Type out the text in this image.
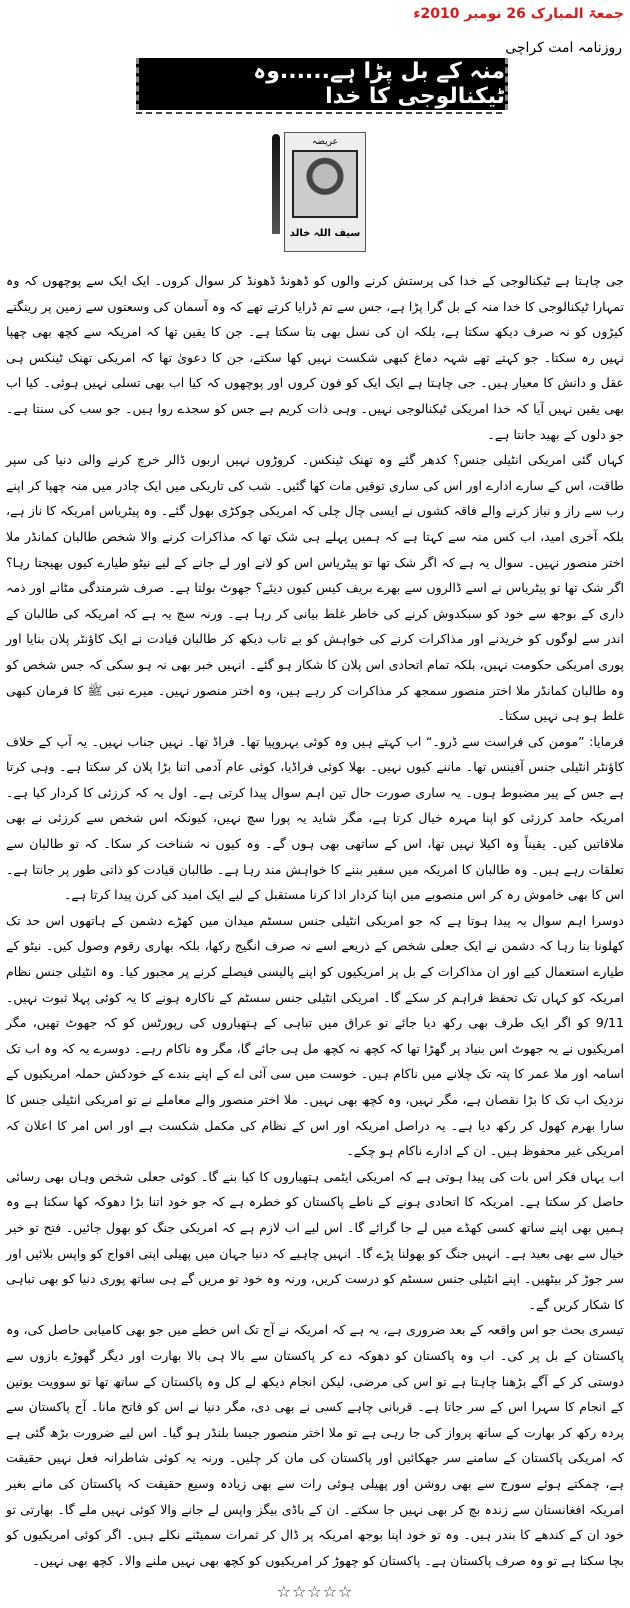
جمعۃ المبارک 26 نومبر 2010ء
روزنامہ امت کراچی
منہ کے بل پڑا ہے......وہ ٹیکنالوجی کا خدا
عریضہ
سیف اللہ خالد

جی چاہتا ہے ٹیکنالوجی کے خدا کی پرستش کرنے والوں کو ڈھونڈ ڈھونڈ کر سوال کروں۔ ایک ایک سے پوچھوں کہ وہ تمہارا ٹیکنالوجی کا خدا منہ کے بل گرا پڑا ہے، جس سے تم ڈرایا کرتے تھے کہ وہ آسمان کی وسعتوں سے زمین پر رینگتے کیڑوں کو نہ صرف دیکھ سکتا ہے، بلکہ ان کی نسل بھی بتا سکتا ہے۔ جن کا یقین تھا کہ امریکہ سے کچھ بھی چھپا نہیں رہ سکتا۔ جو کہتے تھے شہہ دماغ کبھی شکست نہیں کھا سکتے، جن کا دعویٰ تھا کہ امریکی تھنک ٹینکس ہی عقل و دانش کا معیار ہیں۔ جی چاہتا ہے ایک ایک کو فون کروں اور پوچھوں کہ کیا اب بھی تسلی نہیں ہوئی۔ کیا اب بھی یقین نہیں آیا کہ خدا امریکی ٹیکنالوجی نہیں۔ وہی ذات کریم ہے جس کو سجدے روا ہیں۔ جو سب کی سنتا ہے۔ جو دلوں کے بھید جانتا ہے۔

کہاں گئی امریکی انٹیلی جنس؟ کدھر گئے وہ تھنک ٹینکس۔ کروڑوں نہیں اربوں ڈالر خرچ کرنے والی دنیا کی سپر طاقت، اس کے سارے ادارے اور اس کی ساری توقیں مات کھا گئیں۔ شب کی تاریکی میں ایک چادر میں منہ چھپا کر اپنے رب سے راز و نیاز کرنے والے فاقہ کشوں نے ایسی چال چلی کہ امریکی چوکڑی بھول گئے۔ وہ پیٹریاس امریکہ کا ناز ہے، بلکہ آخری امید، اب کس منہ سے کہتا ہے کہ ہمیں پہلے ہی شک تھا کہ مذاکرات کرنے والا شخص طالبان کمانڈر ملا اختر منصور نہیں۔ سوال یہ ہے کہ اگر شک تھا تو پیٹریاس اس کو لانے اور لے جانے کے لیے نیٹو طیارے کیوں بھیجتا رہا؟ اگر شک تھا تو پیٹریاس نے اسے ڈالروں سے بھرے بریف کیس کیوں دیئے؟ جھوٹ بولتا ہے۔ صرف شرمندگی مٹانے اور ذمہ داری کے بوجھ سے خود کو سبکدوش کرنے کی خاطر غلط بیانی کر رہا ہے۔ ورنہ سچ یہ ہے کہ امریکہ کی طالبان کے اندر سے لوگوں کو خریدنے اور مذاکرات کرنے کی خواہش کو بے تاب دیکھ کر طالبان قیادت نے ایک کاؤنٹر پلان بنایا اور پوری امریکی حکومت نہیں، بلکہ تمام اتحادی اس پلان کا شکار ہو گئے۔ انہیں خبر بھی نہ ہو سکی کہ جس شخص کو وہ طالبان کمانڈر ملا اختر منصور سمجھ کر مذاکرات کر رہے ہیں، وہ اختر منصور نہیں۔ میرے نبی ﷺ کا فرمان کبھی غلط ہو ہی نہیں سکتا۔

فرمایا: ”مومن کی فراست سے ڈرو۔“ اب کہتے ہیں وہ کوئی بہروپیا تھا۔ فراڈ تھا۔ نہیں جناب نہیں۔ یہ آپ کے خلاف کاؤنٹر انٹیلی جنس آفینس تھا۔ ماننے کیوں نہیں۔ بھلا کوئی فراڈیا، کوئی عام آدمی اتنا بڑا پلان کر سکتا ہے۔ وہی کرتا ہے جس کے پیر مضبوط ہوں۔ یہ ساری صورت حال تین اہم سوال پیدا کرتی ہے۔ اول یہ کہ کرزئی کا کردار کیا ہے۔ امریکہ حامد کرزئی کو اپنا مہرہ خیال کرتا ہے، مگر شاید یہ پورا سچ نہیں، کیونکہ اس شخص سے کرزئی نے بھی ملاقاتیں کیں۔ یقیناً وہ اکیلا نہیں تھا، اس کے ساتھی بھی ہوں گے۔ وہ کیوں نہ شناخت کر سکا۔ کہ تو طالبان سے تعلقات رہے ہیں۔ وہ طالبان کا امریکہ میں سفیر بننے کا خواہش مند رہا ہے۔ طالبان قیادت کو ذاتی طور پر جانتا ہے۔ اس کا بھی خاموش رہ کر اس منصوبے میں اپنا کردار ادا کرنا مستقبل کے لیے ایک امید کی کرن پیدا کرتا ہے۔

دوسرا اہم سوال یہ پیدا ہوتا ہے کہ جو امریکی انٹیلی جنس سسٹم میدان میں کھڑے دشمن کے ہاتھوں اس حد تک کھلونا بنا رہا کہ دشمن نے ایک جعلی شخص کے ذریعے اسے نہ صرف انگیج رکھا، بلکہ بھاری رقوم وصول کیں۔ نیٹو کے طیارے استعمال کیے اور ان مذاکرات کے بل پر امریکیوں کو اپنے پالیسی فیصلے کرنے پر مجبور کیا۔ وہ انٹیلی جنس نظام امریکہ کو کہاں تک تحفظ فراہم کر سکے گا۔ امریکی انٹیلی جنس سسٹم کے ناکارہ ہونے کا یہ کوئی پہلا ثبوت نہیں۔ 9/11 کو اگر ایک طرف بھی رکھ دیا جائے تو عراق میں تباہی کے ہتھیاروں کی رپورٹس کو کہ جھوٹ تھیں، مگر امریکیوں نے یہ جھوٹ اس بنیاد پر گھڑا تھا کہ کچھ نہ کچھ مل ہی جائے گا، مگر وہ ناکام رہے۔ دوسرے یہ کہ وہ اب تک اسامہ اور ملا عمر کا پتہ تک چلانے میں ناکام ہیں۔ خوست میں سی آئی اے کے اپنے بندے کے خودکش حملہ امریکیوں کے نزدیک اب تک کا بڑا نقصان ہے، مگر نہیں، وہ کچھ بھی نہیں۔ ملا اختر منصور والے معاملے نے تو امریکی انٹیلی جنس کا سارا بھرم کھول کر رکھ دیا ہے۔ یہ دراصل امریکہ اور اس کے نظام کی مکمل شکست ہے اور اس امر کا اعلان کہ امریکی غیر محفوظ ہیں۔ ان کے ادارے ناکام ہو چکے۔

اب یہاں فکر اس بات کی پیدا ہوتی ہے کہ امریکی ایٹمی ہتھیاروں کا کیا بنے گا۔ کوئی جعلی شخص وہاں بھی رسائی حاصل کر سکتا ہے۔ امریکہ کا اتحادی ہونے کے ناطے پاکستان کو خطرہ ہے کہ جو خود اتنا بڑا دھوکہ کھا سکتا ہے وہ ہمیں بھی اپنے ساتھ کسی کھڈے میں لے جا گرائے گا۔ اس لیے اب لازم ہے کہ امریکی جنگ کو بھول جائیں۔ فتح تو خیر خیال سے بھی بعید ہے۔ انہیں جنگ کو بھولنا پڑے گا۔ انہیں چاہیے کہ دنیا جہان میں پھیلی اپنی افواج کو واپس بلائیں اور سر جوڑ کر بیٹھیں۔ اپنے انٹیلی جنس سسٹم کو درست کریں، ورنہ وہ خود تو مریں گے ہی ساتھ پوری دنیا کو بھی تباہی کا شکار کریں گے۔

تیسری بحث جو اس واقعہ کے بعد ضروری ہے، یہ ہے کہ امریکہ نے آج تک اس خطے میں جو بھی کامیابی حاصل کی، وہ پاکستان کے بل پر کی۔ اب وہ پاکستان کو دھوکہ دے کر پاکستان سے بالا ہی بالا بھارت اور دیگر گھوڑے بازوں سے دوستی کر کے آگے بڑھنا چاہتا ہے تو اس کی مرضی، لیکن انجام دیکھ لے کل وہ پاکستان کے ساتھ تھا تو سوویت یونین کے انجام کا سہرا اس کے سر جاتا ہے۔ قربانی چاہے کسی نے بھی دی، مگر دنیا نے اس کو فاتح مانا۔ آج پاکستان سے پردہ رکھ کر بھارت کے ساتھ پرواز کی جا رہی ہے تو ملا اختر منصور جیسا بلنڈر ہو گیا۔ اس لیے ضرورت بڑھ گئی ہے کہ امریکی پاکستان کے سامنے سر جھکائیں اور پاکستان کی مان کر چلیں۔ ورنہ یہ کوئی شاطرانہ فعل نہیں حقیقت ہے، چمکتے ہوئے سورج سے بھی روشن اور پھیلی ہوئی رات سے بھی زیادہ وسیع حقیقت کہ پاکستان کی مانے بغیر امریکہ افغانستان سے زندہ بچ کر بھی نہیں جا سکتے۔ ان کے باڈی بیگز واپس لے جانے والا کوئی نہیں ملے گا۔ بھارتی تو خود ان کے کندھے کا بندر ہیں۔ وہ تو خود اپنا بوجھ امریکہ پر ڈال کر ثمرات سمیٹنے نکلے ہیں۔ اگر کوئی امریکیوں کو بچا سکتا ہے تو وہ صرف پاکستان ہے۔ پاکستان کو چھوڑ کر امریکیوں کو کچھ بھی نہیں ملنے والا۔ کچھ بھی نہیں۔

☆☆☆☆☆
